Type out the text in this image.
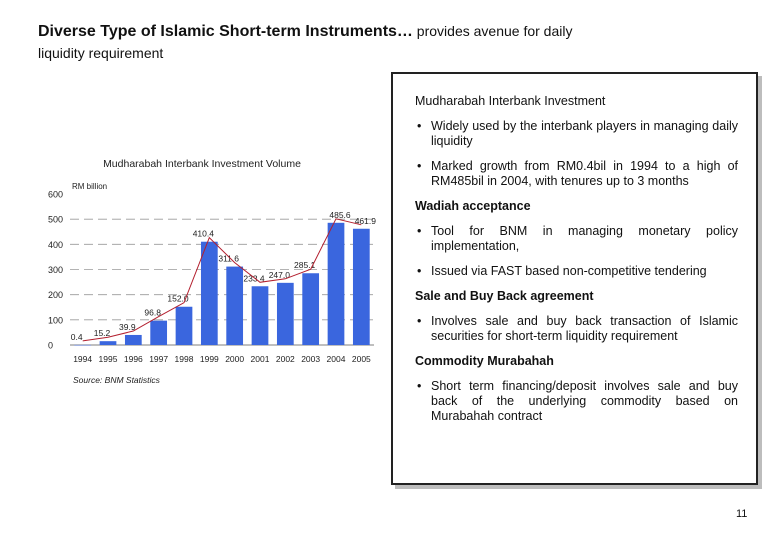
Diverse Type of Islamic Short-term Instruments… provides avenue for daily
liquidity requirement
Mudharabah Interbank Investment Volume
RM billion
0
100
200
300
400
500
600
1994
0.4
1995
15.2
1996
39.9
1997
96.8
1998
152.0
1999
410.4
2000
311.6
2001
233.4
2002
247.0
2003
285.1
2004
485.6
2005
461.9
Source: BNM Statistics
Mudharabah Interbank Investment
• Widely used by the interbank players in managing daily liquidity
• Marked growth from RM0.4bil in 1994 to a high of RM485bil in 2004, with tenures up to 3 months
Wadiah acceptance
• Tool for BNM in managing monetary policy implementation,
• Issued via FAST based non-competitive tendering
Sale and Buy Back agreement
• Involves sale and buy back transaction of Islamic securities for short-term liquidity requirement
Commodity Murabahah
• Short term financing/deposit involves sale and buy back of the underlying commodity based on Murabahah contract
11
